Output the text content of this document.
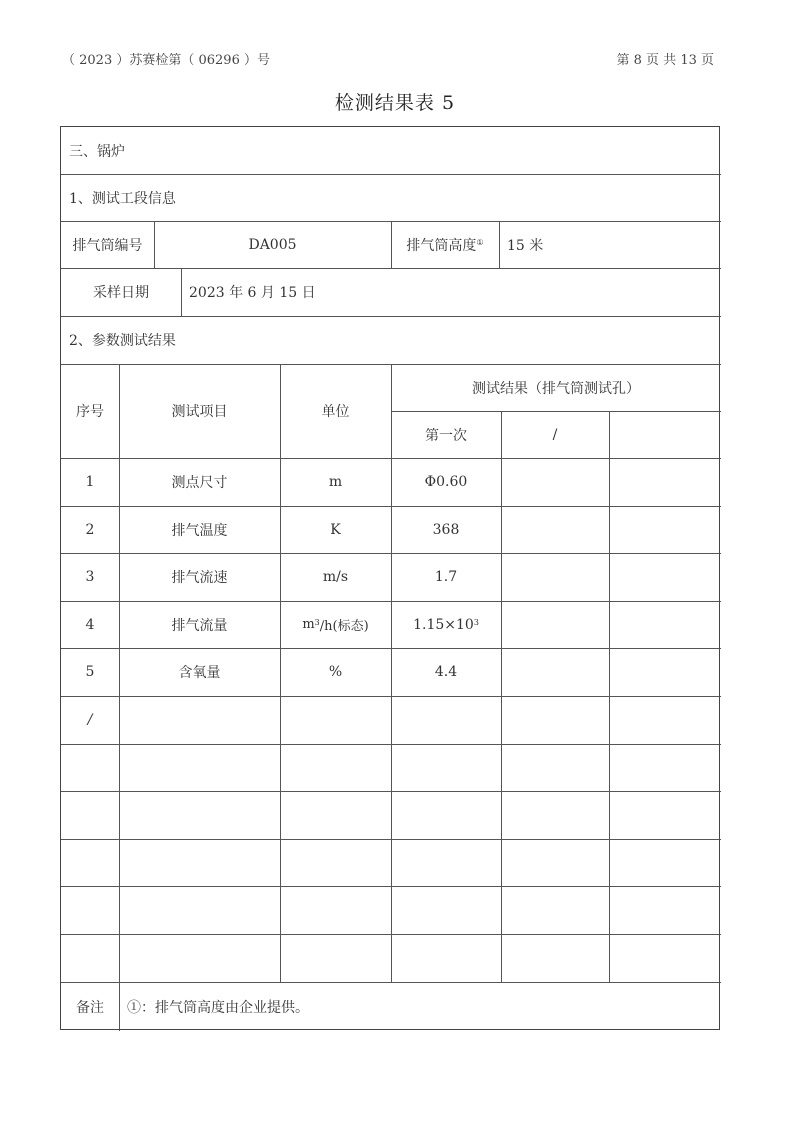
（ 2023 ）苏赛检第（ 06296 ）号	第 8 页 共 13 页
检测结果表 5
三、锅炉
1、测试工段信息
排气筒编号	DA005	排气筒高度①	15 米
采样日期	2023 年 6 月 15 日
2、参数测试结果
序号	测试项目	单位
测试结果（排气筒测试孔）
第一次	/
1	测点尺寸	m	Φ0.60
2	排气温度	K	368
3	排气流速	m/s	1.7
4	排气流量	$m^3$ /h(标态)	$1.15\times 10^3$
5	含氧量	%	4.4
/
备注	①：排气筒高度由企业提供。
